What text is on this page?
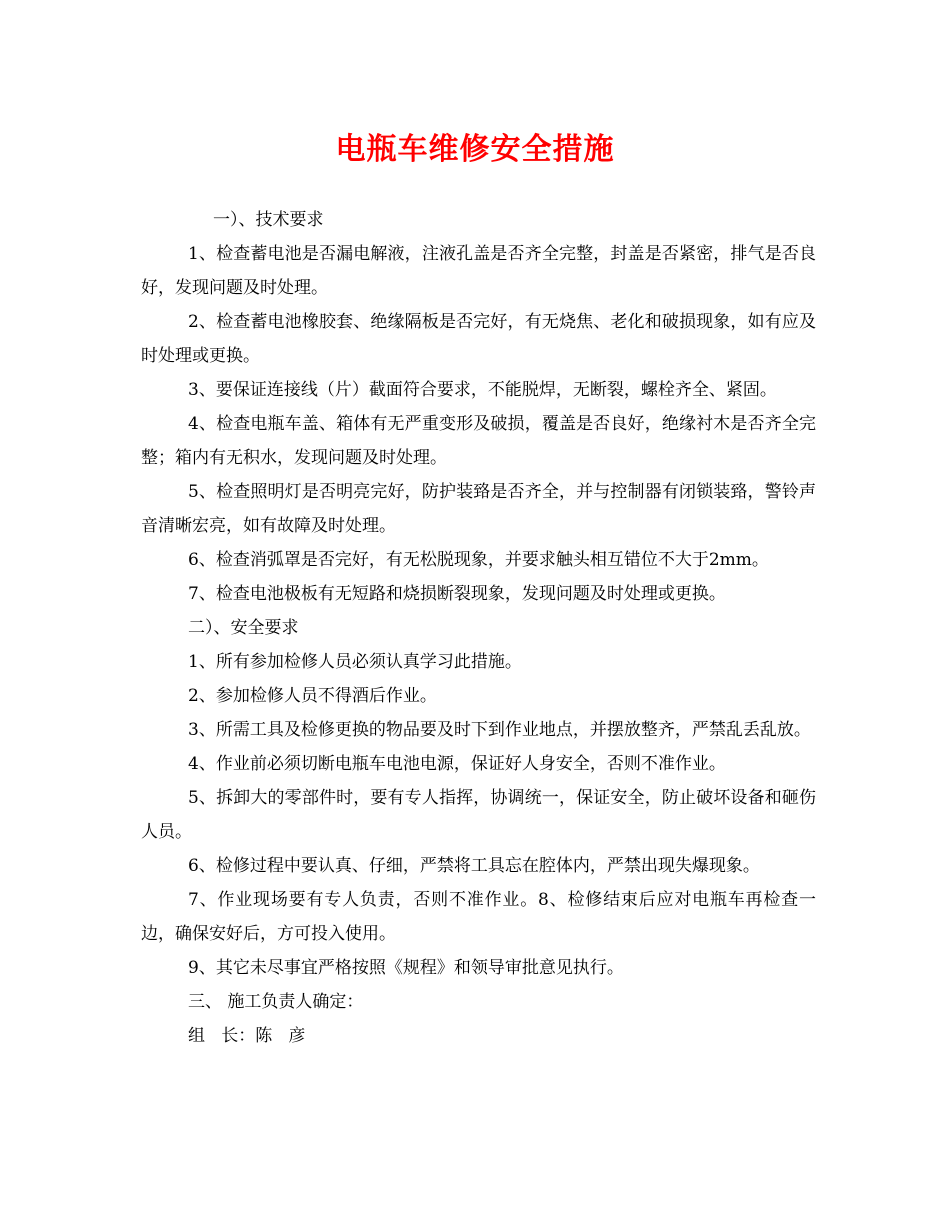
电瓶车维修安全措施

一）、技术要求

1、检查蓄电池是否漏电解液，注液孔盖是否齐全完整，封盖是否紧密，排气是否良好，发现问题及时处理。

2、检查蓄电池橡胶套、绝缘隔板是否完好，有无烧焦、老化和破损现象，如有应及时处理或更换。

3、要保证连接线（片）截面符合要求，不能脱焊，无断裂，螺栓齐全、紧固。

4、检查电瓶车盖、箱体有无严重变形及破损，覆盖是否良好，绝缘衬木是否齐全完整；箱内有无积水，发现问题及时处理。

5、检查照明灯是否明亮完好，防护装臵是否齐全，并与控制器有闭锁装臵，警铃声音清晰宏亮，如有故障及时处理。

6、检查消弧罩是否完好，有无松脱现象，并要求触头相互错位不大于2mm。

7、检查电池极板有无短路和烧损断裂现象，发现问题及时处理或更换。

二）、安全要求

1、所有参加检修人员必须认真学习此措施。

2、参加检修人员不得酒后作业。

3、所需工具及检修更换的物品要及时下到作业地点，并摆放整齐，严禁乱丢乱放。

4、作业前必须切断电瓶车电池电源，保证好人身安全，否则不准作业。

5、拆卸大的零部件时，要有专人指挥，协调统一，保证安全，防止破坏设备和砸伤人员。

6、检修过程中要认真、仔细，严禁将工具忘在腔体内，严禁出现失爆现象。

7、作业现场要有专人负责，否则不准作业。8、检修结束后应对电瓶车再检查一边，确保安好后，方可投入使用。

9、其它未尽事宜严格按照《规程》和领导审批意见执行。

三、 施工负责人确定：

组   长：陈   彦
